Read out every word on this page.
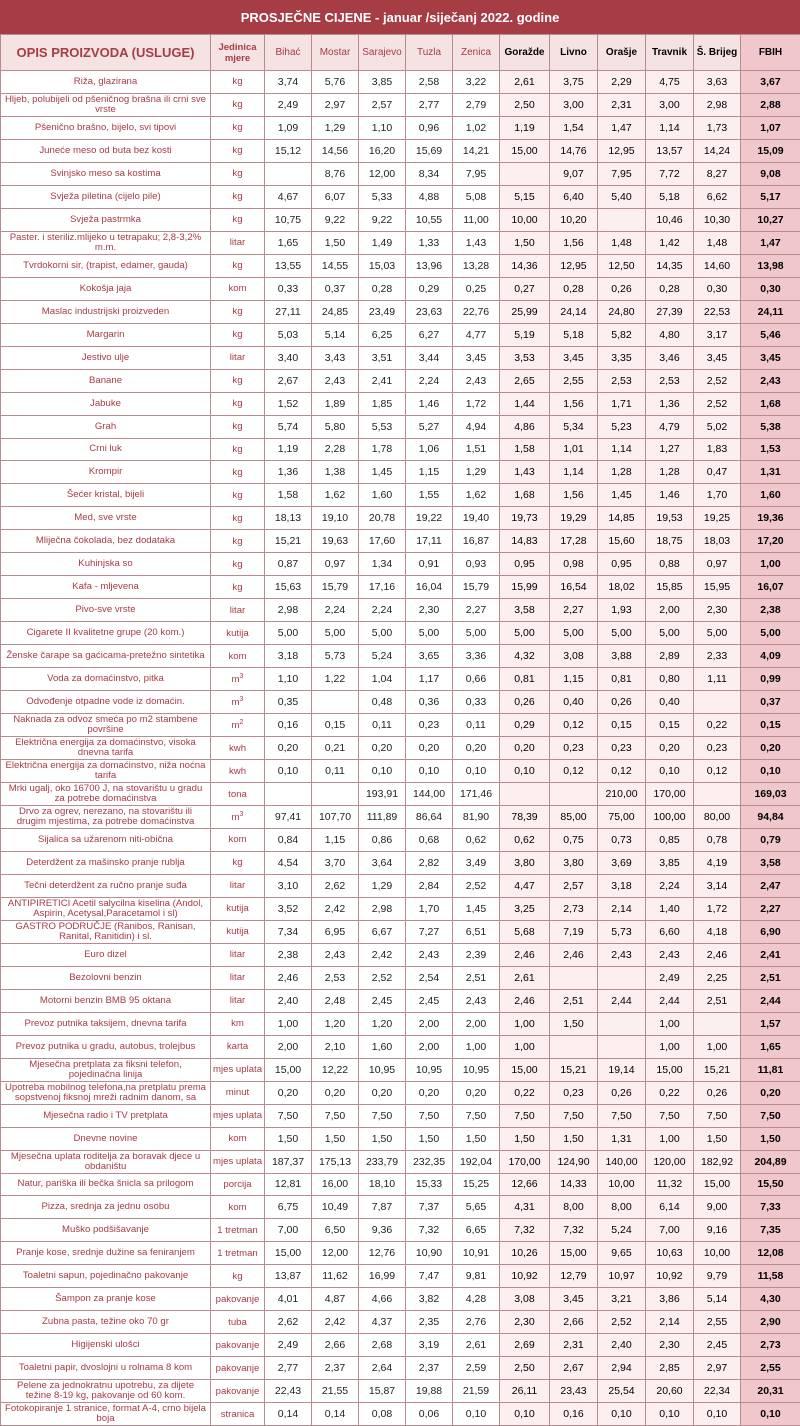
PROSJEČNE CIJENE - januar /siječanj 2022. godine
OPIS PROIZVODA (USLUGE)	Jedinica mjere	Bihać	Mostar	Sarajevo	Tuzla	Zenica	Goražde	Livno	Orašje	Travnik	Š. Brijeg	FBIH
Riža, glazirana	kg	3,74	5,76	3,85	2,58	3,22	2,61	3,75	2,29	4,75	3,63	3,67
Hljeb, polubijeli od pšeničnog brašna ili crni sve vrste	kg	2,49	2,97	2,57	2,77	2,79	2,50	3,00	2,31	3,00	2,98	2,88
Pšenično brašno, bijelo, svi tipovi	kg	1,09	1,29	1,10	0,96	1,02	1,19	1,54	1,47	1,14	1,73	1,07
Juneće meso od buta bez kosti	kg	15,12	14,56	16,20	15,69	14,21	15,00	14,76	12,95	13,57	14,24	15,09
Svinjsko meso sa kostima	kg		8,76	12,00	8,34	7,95		9,07	7,95	7,72	8,27	9,08
Svježa piletina (cijelo pile)	kg	4,67	6,07	5,33	4,88	5,08	5,15	6,40	5,40	5,18	6,62	5,17
Svježa pastrmka	kg	10,75	9,22	9,22	10,55	11,00	10,00	10,20		10,46	10,30	10,27
Paster. i steriliz.mlijeko u tetrapaku; 2,8-3,2% m.m.	litar	1,65	1,50	1,49	1,33	1,43	1,50	1,56	1,48	1,42	1,48	1,47
Tvrdokorni sir, (trapist, edamer, gauda)	kg	13,55	14,55	15,03	13,96	13,28	14,36	12,95	12,50	14,35	14,60	13,98
Kokošja jaja	kom	0,33	0,37	0,28	0,29	0,25	0,27	0,28	0,26	0,28	0,30	0,30
Maslac industrijski proizveden	kg	27,11	24,85	23,49	23,63	22,76	25,99	24,14	24,80	27,39	22,53	24,11
Margarin	kg	5,03	5,14	6,25	6,27	4,77	5,19	5,18	5,82	4,80	3,17	5,46
Jestivo ulje	litar	3,40	3,43	3,51	3,44	3,45	3,53	3,45	3,35	3,46	3,45	3,45
Banane	kg	2,67	2,43	2,41	2,24	2,43	2,65	2,55	2,53	2,53	2,52	2,43
Jabuke	kg	1,52	1,89	1,85	1,46	1,72	1,44	1,56	1,71	1,36	2,52	1,68
Grah	kg	5,74	5,80	5,53	5,27	4,94	4,86	5,34	5,23	4,79	5,02	5,38
Crni luk	kg	1,19	2,28	1,78	1,06	1,51	1,58	1,01	1,14	1,27	1,83	1,53
Krompir	kg	1,36	1,38	1,45	1,15	1,29	1,43	1,14	1,28	1,28	0,47	1,31
Šećer kristal, bijeli	kg	1,58	1,62	1,60	1,55	1,62	1,68	1,56	1,45	1,46	1,70	1,60
Med, sve vrste	kg	18,13	19,10	20,78	19,22	19,40	19,73	19,29	14,85	19,53	19,25	19,36
Mliječna čokolada, bez dodataka	kg	15,21	19,63	17,60	17,11	16,87	14,83	17,28	15,60	18,75	18,03	17,20
Kuhinjska so	kg	0,87	0,97	1,34	0,91	0,93	0,95	0,98	0,95	0,88	0,97	1,00
Kafa - mljevena	kg	15,63	15,79	17,16	16,04	15,79	15,99	16,54	18,02	15,85	15,95	16,07
Pivo-sve vrste	litar	2,98	2,24	2,24	2,30	2,27	3,58	2,27	1,93	2,00	2,30	2,38
Cigarete II kvalitetne grupe (20 kom.)	kutija	5,00	5,00	5,00	5,00	5,00	5,00	5,00	5,00	5,00	5,00	5,00
Ženske čarape sa gaćicama-pretežno sintetika	kom	3,18	5,73	5,24	3,65	3,36	4,32	3,08	3,88	2,89	2,33	4,09
Voda za domaćinstvo, pitka	$m^3$	1,10	1,22	1,04	1,17	0,66	0,81	1,15	0,81	0,80	1,11	0,99
Odvođenje otpadne vode iz domaćin.	$m^3$	0,35		0,48	0,36	0,33	0,26	0,40	0,26	0,40		0,37
Naknada za odvoz smeća po m2 stambene površine	$m^2$	0,16	0,15	0,11	0,23	0,11	0,29	0,12	0,15	0,15	0,22	0,15
Električna energija za domaćinstvo, visoka dnevna tarifa	kwh	0,20	0,21	0,20	0,20	0,20	0,20	0,23	0,23	0,20	0,23	0,20
Električna energija za domaćinstvo, niža noćna tarifa	kwh	0,10	0,11	0,10	0,10	0,10	0,10	0,12	0,12	0,10	0,12	0,10
Mrki ugalj, oko 16700 J, na stovarištu u gradu za potrebe domaćinstva	tona			193,91	144,00	171,46			210,00	170,00		169,03
Drvo za ogrev, nerezano, na stovarištu ili drugim mjestima, za potrebe domaćinstva	$m^3$	97,41	107,70	111,89	86,64	81,90	78,39	85,00	75,00	100,00	80,00	94,84
Sijalica sa užarenom niti-obična	kom	0,84	1,15	0,86	0,68	0,62	0,62	0,75	0,73	0,85	0,78	0,79
Deterdžent za mašinsko pranje rublja	kg	4,54	3,70	3,64	2,82	3,49	3,80	3,80	3,69	3,85	4,19	3,58
Tečni deterdžent za ručno pranje suđa	litar	3,10	2,62	1,29	2,84	2,52	4,47	2,57	3,18	2,24	3,14	2,47
ANTIPIRETICI Acetil salycilna kiselina (Andol, Aspirin, Acetysal,Paracetamol i sl)	kutija	3,52	2,42	2,98	1,70	1,45	3,25	2,73	2,14	1,40	1,72	2,27
GASTRO PODRUČJE (Ranibos, Ranisan, Ranital, Ranitidin) i sl.	kutija	7,34	6,95	6,67	7,27	6,51	5,68	7,19	5,73	6,60	4,18	6,90
Euro dizel	litar	2,38	2,43	2,42	2,43	2,39	2,46	2,46	2,43	2,43	2,46	2,41
Bezolovni benzin	litar	2,46	2,53	2,52	2,54	2,51	2,61			2,49	2,25	2,51
Motorni benzin BMB 95 oktana	litar	2,40	2,48	2,45	2,45	2,43	2,46	2,51	2,44	2,44	2,51	2,44
Prevoz putnika taksijem, dnevna tarifa	km	1,00	1,20	1,20	2,00	2,00	1,00	1,50		1,00		1,57
Prevoz putnika u gradu, autobus, trolejbus	karta	2,00	2,10	1,60	2,00	1,00	1,00			1,00	1,00	1,65
Mjesečna pretplata za fiksni telefon, pojedinačna linija	mjes uplata	15,00	12,22	10,95	10,95	10,95	15,00	15,21	19,14	15,00	15,21	11,81
Upotreba mobilnog telefona,na pretplatu prema sopstvenoj fiksnoj mreži radnim danom, sa	minut	0,20	0,20	0,20	0,20	0,20	0,22	0,23	0,26	0,22	0,26	0,20
Mjesečna radio i TV pretplata	mjes uplata	7,50	7,50	7,50	7,50	7,50	7,50	7,50	7,50	7,50	7,50	7,50
Dnevne novine	kom	1,50	1,50	1,50	1,50	1,50	1,50	1,50	1,31	1,00	1,50	1,50
Mjesečna uplata roditelja za boravak djece u obdaništu	mjes uplata	187,37	175,13	233,79	232,35	192,04	170,00	124,90	140,00	120,00	182,92	204,89
Natur, pariška ili bečka šnicla sa prilogom	porcija	12,81	16,00	18,10	15,33	15,25	12,66	14,33	10,00	11,32	15,00	15,50
Pizza, srednja za jednu osobu	kom	6,75	10,49	7,87	7,37	5,65	4,31	8,00	8,00	6,14	9,00	7,33
Muško podšišavanje	1 tretman	7,00	6,50	9,36	7,32	6,65	7,32	7,32	5,24	7,00	9,16	7,35
Pranje kose, srednje dužine sa feniranjem	1 tretman	15,00	12,00	12,76	10,90	10,91	10,26	15,00	9,65	10,63	10,00	12,08
Toaletni sapun, pojedinačno pakovanje	kg	13,87	11,62	16,99	7,47	9,81	10,92	12,79	10,97	10,92	9,79	11,58
Šampon za pranje kose	pakovanje	4,01	4,87	4,66	3,82	4,28	3,08	3,45	3,21	3,86	5,14	4,30
Zubna pasta, težine oko 70 gr	tuba	2,62	2,42	4,37	2,35	2,76	2,30	2,66	2,52	2,14	2,55	2,90
Higijenski ulošci	pakovanje	2,49	2,66	2,68	3,19	2,61	2,69	2,31	2,40	2,30	2,45	2,73
Toaletni papir, dvoslojni u rolnama 8 kom	pakovanje	2,77	2,37	2,64	2,37	2,59	2,50	2,67	2,94	2,85	2,97	2,55
Pelene za jednokratnu upotrebu, za dijete težine 8-19 kg, pakovanje od 60 kom.	pakovanje	22,43	21,55	15,87	19,88	21,59	26,11	23,43	25,54	20,60	22,34	20,31
Fotokopiranje 1 stranice, format A-4, crno bijela boja	stranica	0,14	0,14	0,08	0,06	0,10	0,10	0,16	0,10	0,10	0,10	0,10
